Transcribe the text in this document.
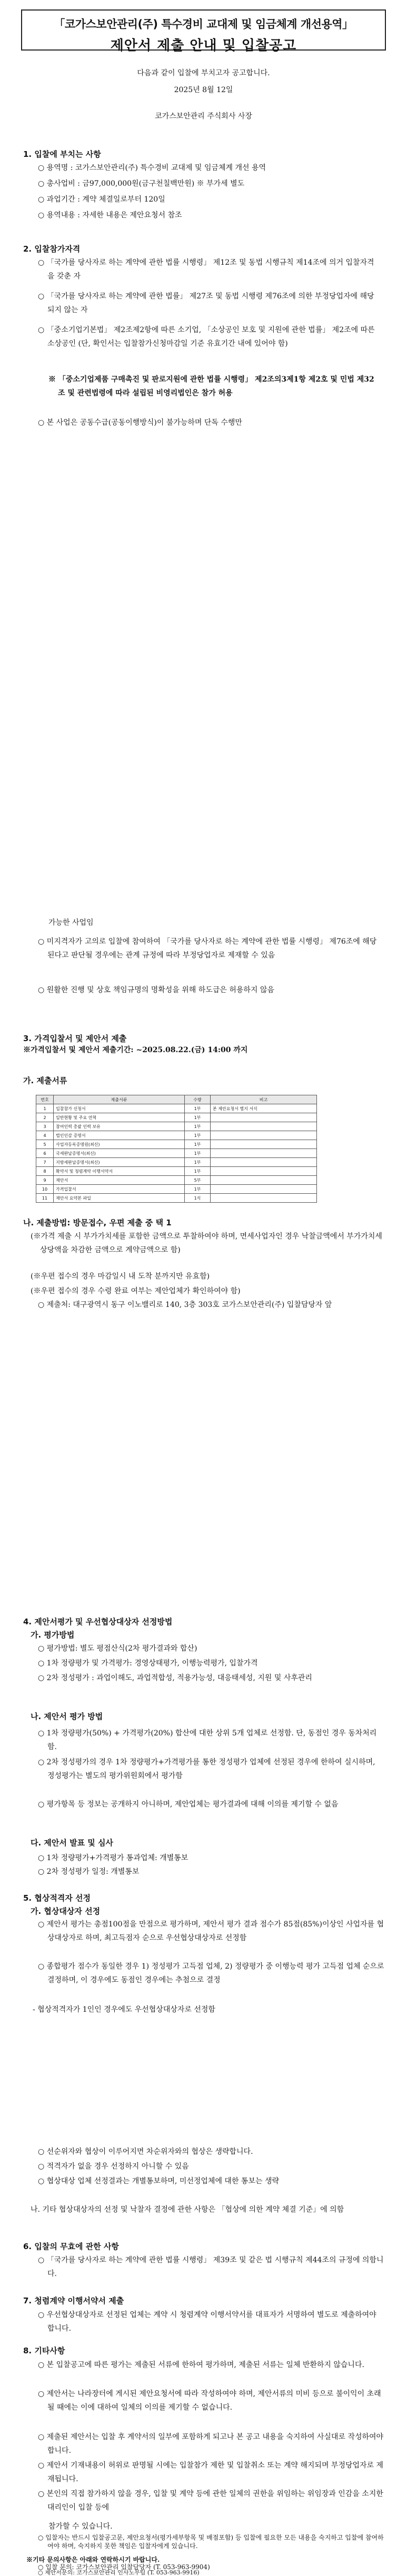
「코가스보안관리(주) 특수경비 교대제 및 임금체계 개선용역」
제안서 제출 안내 및 입찰공고
다음과 같이 입찰에 부치고자 공고합니다.
2025년 8월 12일
코가스보안관리 주식회사 사장
1. 입찰에 부치는 사항
○ 용역명 : 코가스보안관리(주) 특수경비 교대제 및 임금체계 개선 용역
○ 총사업비 : 금97,000,000원(금구천칠백만원) ※ 부가세 별도
○ 과업기간 : 계약 체결일로부터 120일
○ 용역내용 : 자세한 내용은 제안요청서 참조
2. 입찰참가자격
○ 「국가를 당사자로 하는 계약에 관한 법률 시행령」 제12조 및 동법 시행규칙 제14조에 의거 입찰자격을 갖춘 자
○ 「국가를 당사자로 하는 계약에 관한 법률」 제27조 및 동법 시행령 제76조에 의한 부정당업자에 해당되지 않는 자
○ 「중소기업기본법」 제2조제2항에 따른 소기업, 「소상공인 보호 및 지원에 관한 법률」 제2조에 따른 소상공인 (단, 확인서는 입찰참가신청마감일 기준 유효기간 내에 있어야 함)
※ 「중소기업제품 구매촉진 및 판로지원에 관한 법률 시행령」 제2조의3제1항 제2호 및 민법 제32조 및 관련법령에 따라 설립된 비영리법인은 참가 허용
○ 본 사업은 공동수급(공동이행방식)이 불가능하며 단독 수행만
가능한 사업임
○ 미지격자가 고의로 입찰에 참여하여 「국가를 당사자로 하는 계약에 관한 법률 시행령」 제76조에 해당된다고 판단될 경우에는 관계 규정에 따라 부정당업자로 제재할 수 있음
○ 원활한 진행 및 상호 책임규명의 명확성을 위해 하도급은 허용하지 않음
3. 가격입찰서 및 제안서 제출
※가격입찰서 및 제안서 제출기간: ~2025.08.22.(금) 14:00 까지
가. 제출서류
번호	제출서류	수량	비고
1	입찰참가 신청서	1부	본 제안요청서 별지 서식
2	일반현황 및 주요 연혁	1부	
3	참여인력 총괄 인력 보유	1부	
4	법인인감 증명서	1부	
5	사업자등록증명원(최신)	1부	
6	국세완납증명서(최신)	1부	
7	지방세완납증명서(최신)	1부	
8	확약서 및 청렴계약 이행서약서	1부	
9	제안서	5부	
10	가격입찰서	1부	
11	제안서 요약본 파일	1식	
나. 제출방법: 방문접수, 우편 제출 중 택 1
(※가격 제출 시 부가가치세를 포함한 금액으로 투찰하여야 하며, 면세사업자인 경우 낙찰금액에서 부가가치세 상당액을 차감한 금액으로 계약금액으로 함)
(※우편 접수의 경우 마감일시 내 도착 분까지만 유효함)
(※우편 접수의 경우 수령 완료 여부는 제안업체가 확인하여야 함)
○ 제출처: 대구광역시 동구 이노밸리로 140, 3층 303호 코가스보안관리(주) 입찰담당자 앞
4. 제안서평가 및 우선협상대상자 선정방법
가. 평가방법
○ 평가방법: 별도 평점산식(2차 평가결과와 합산)
○ 1차 정량평가 및 가격평가: 경영상태평가, 이행능력평가, 입찰가격
○ 2차 정성평가 : 과업이해도, 과업적합성, 적용가능성, 대응태세성, 지원 및 사후관리
나. 제안서 평가 방법
○ 1차 정량평가(50%) + 가격평가(20%) 합산에 대한 상위 5개 업체로 선정함. 단, 동점인 경우 동차처리함.
○ 2차 정성평가의 경우 1차 정량평가+가격평가를 통한 정성평가 업체에 선정된 경우에 한하여 실시하며, 정성평가는 별도의 평가위원회에서 평가함
○ 평가항목 등 정보는 공개하지 아니하며, 제안업체는 평가결과에 대해 이의를 제기할 수 없음
다. 제안서 발표 및 심사
○ 1차 정량평가+가격평가 통과업체: 개별통보
○ 2차 정성평가 일정: 개별통보
5. 협상적격자 선정
가. 협상대상자 선정
○ 제안서 평가는 총점100점을 만점으로 평가하며, 제안서 평가 결과 점수가 85점(85%)이상인 사업자를 협상대상자로 하며, 최고득점자 순으로 우선협상대상자로 선정함
○ 종합평가 점수가 동일한 경우 1) 정성평가 고득점 업체, 2) 정량평가 중 이행능력 평가 고득점 업체 순으로 결정하며, 이 경우에도 동점인 경우에는 추첨으로 결정
- 협상적격자가 1인인 경우에도 우선협상대상자로 선정함
○ 선순위자와 협상이 이루어지면 차순위자와의 협상은 생략합니다.
○ 적격자가 없을 경우 선정하지 아니할 수 있음
○ 협상대상 업체 선정결과는 개별통보하며, 미선정업체에 대한 통보는 생략
나. 기타 협상대상자의 선정 및 낙찰자 결정에 관한 사항은 「협상에 의한 계약 체결 기준」에 의함
6. 입찰의 무효에 관한 사항
○ 「국가를 당사자로 하는 계약에 관한 법률 시행령」 제39조 및 같은 법 시행규칙 제44조의 규정에 의함니다.
7. 청렴계약 이행서약서 제출
○ 우선협상대상자로 선정된 업체는 계약 시 청렴계약 이행서약서를 대표자가 서명하여 별도로 제출하여야 합니다.
8. 기타사항
○ 본 입찰공고에 따른 평가는 제출된 서류에 한하여 평가하며, 제출된 서류는 일체 반환하지 않습니다.
○ 제안서는 나라장터에 게시된 제안요청서에 따라 작성하여야 하며, 제안서류의 미비 등으로 불이익이 초래될 때에는 이에 대하여 일체의 이의를 제기할 수 없습니다.
○ 제출된 제안서는 입찰 후 계약서의 일부에 포함하게 되고나 본 공고 내용을 숙지하여 사실대로 작성하여야 합니다.
○ 제안서 기재내용이 허위로 판명될 시에는 입찰참가 제한 및 입찰취소 또는 계약 해지되며 부정당업자로 제재됩니다.
○ 본인의 직접 참가하지 않을 경우, 입찰 및 계약 등에 관한 일체의 권한을 위임하는 위임장과 인감을 소지한 대리인이 입찰 등에
참가할 수 있습니다.
○ 입찰자는 반드시 입찰공고문, 제안요청서(평가세부항목 및 배점포함) 등 입찰에 필요한 모든 내용을 숙지하고 입찰에 참여하여야 하며, 숙지하지 못한 책임은 입찰자에게 있습니다.
※기타 문의사항은 아래와 연락하시기 바랍니다.
○ 입찰 문의: 코가스보안관리 입찰담당자 (T. 053-963-9904)
○ 제안서문의: 코가스보안관리 인사노무팀 (T. 053-963-9916)
